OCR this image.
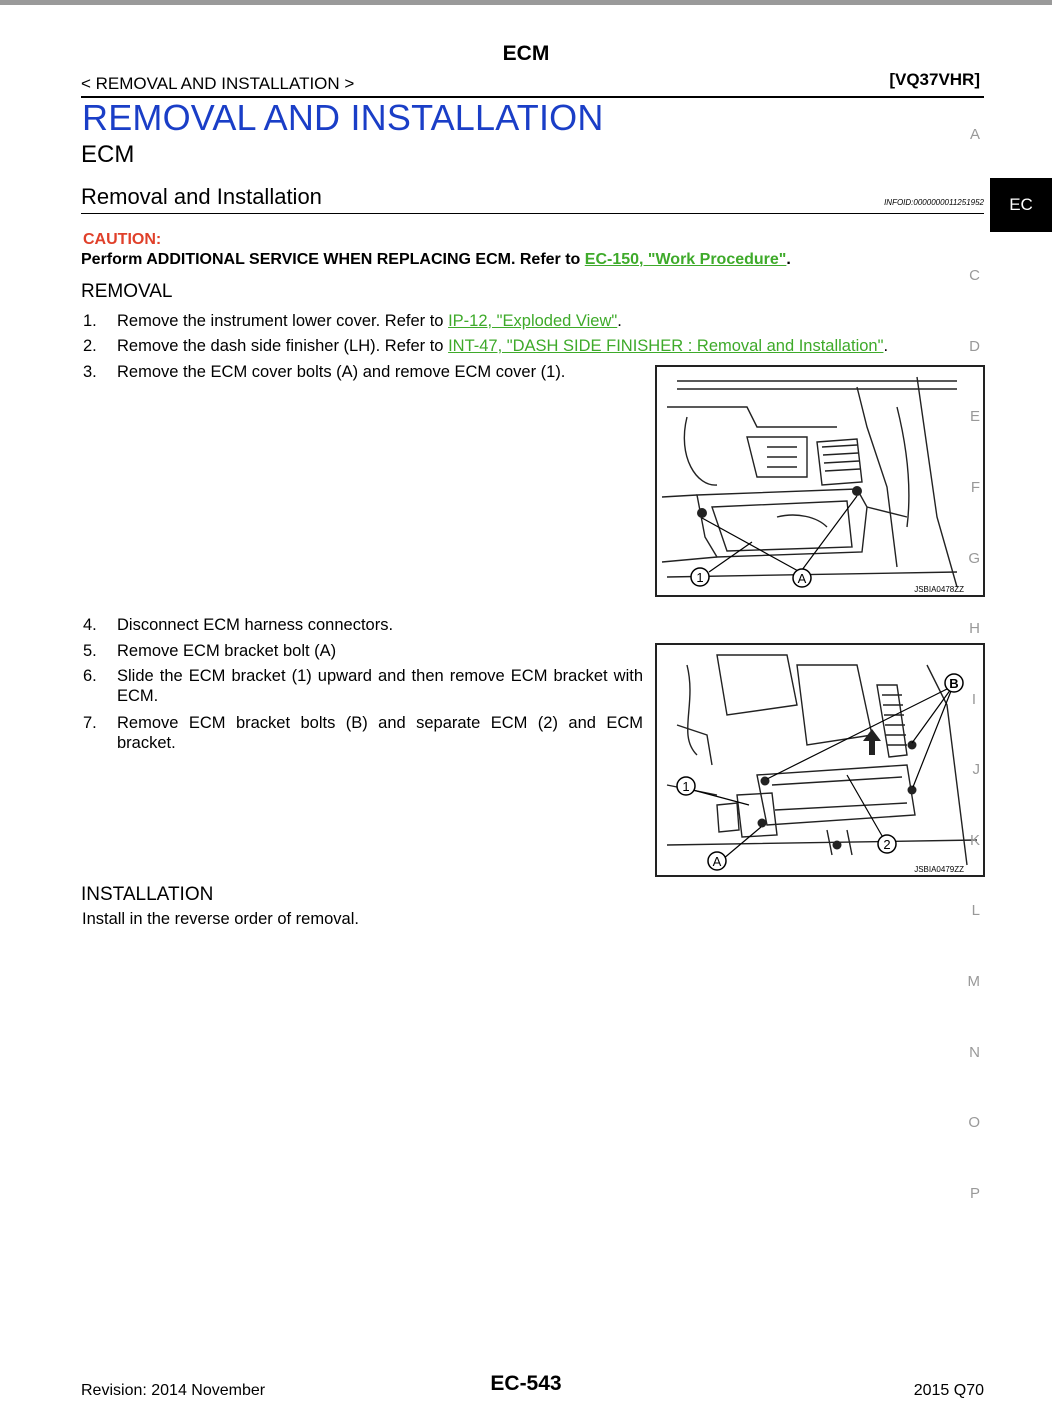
ECM
< REMOVAL AND INSTALLATION >	[VQ37VHR]
REMOVAL AND INSTALLATION
ECM
Removal and Installation	INFOID:0000000011251952
CAUTION:
Perform ADDITIONAL SERVICE WHEN REPLACING ECM. Refer to EC-150, "Work Procedure".
REMOVAL
1. Remove the instrument lower cover. Refer to IP-12, "Exploded View".
2. Remove the dash side finisher (LH). Refer to INT-47, "DASH SIDE FINISHER : Removal and Installation".
3. Remove the ECM cover bolts (A) and remove ECM cover (1).
1	A
JSBIA0478ZZ
4. Disconnect ECM harness connectors.
5. Remove ECM bracket bolt (A)
6.	Slide the ECM bracket (1) upward and then remove ECM bracket with ECM.
7.	Remove ECM bracket bolts (B) and separate ECM (2) and ECM bracket.
B
1
2
A
JSBIA0479ZZ
INSTALLATION
Install in the reverse order of removal.
A
EC
C
D
E
F
G
H
I
J
K
L
M
N
O
P
Revision: 2014 November	EC-543	2015 Q70
